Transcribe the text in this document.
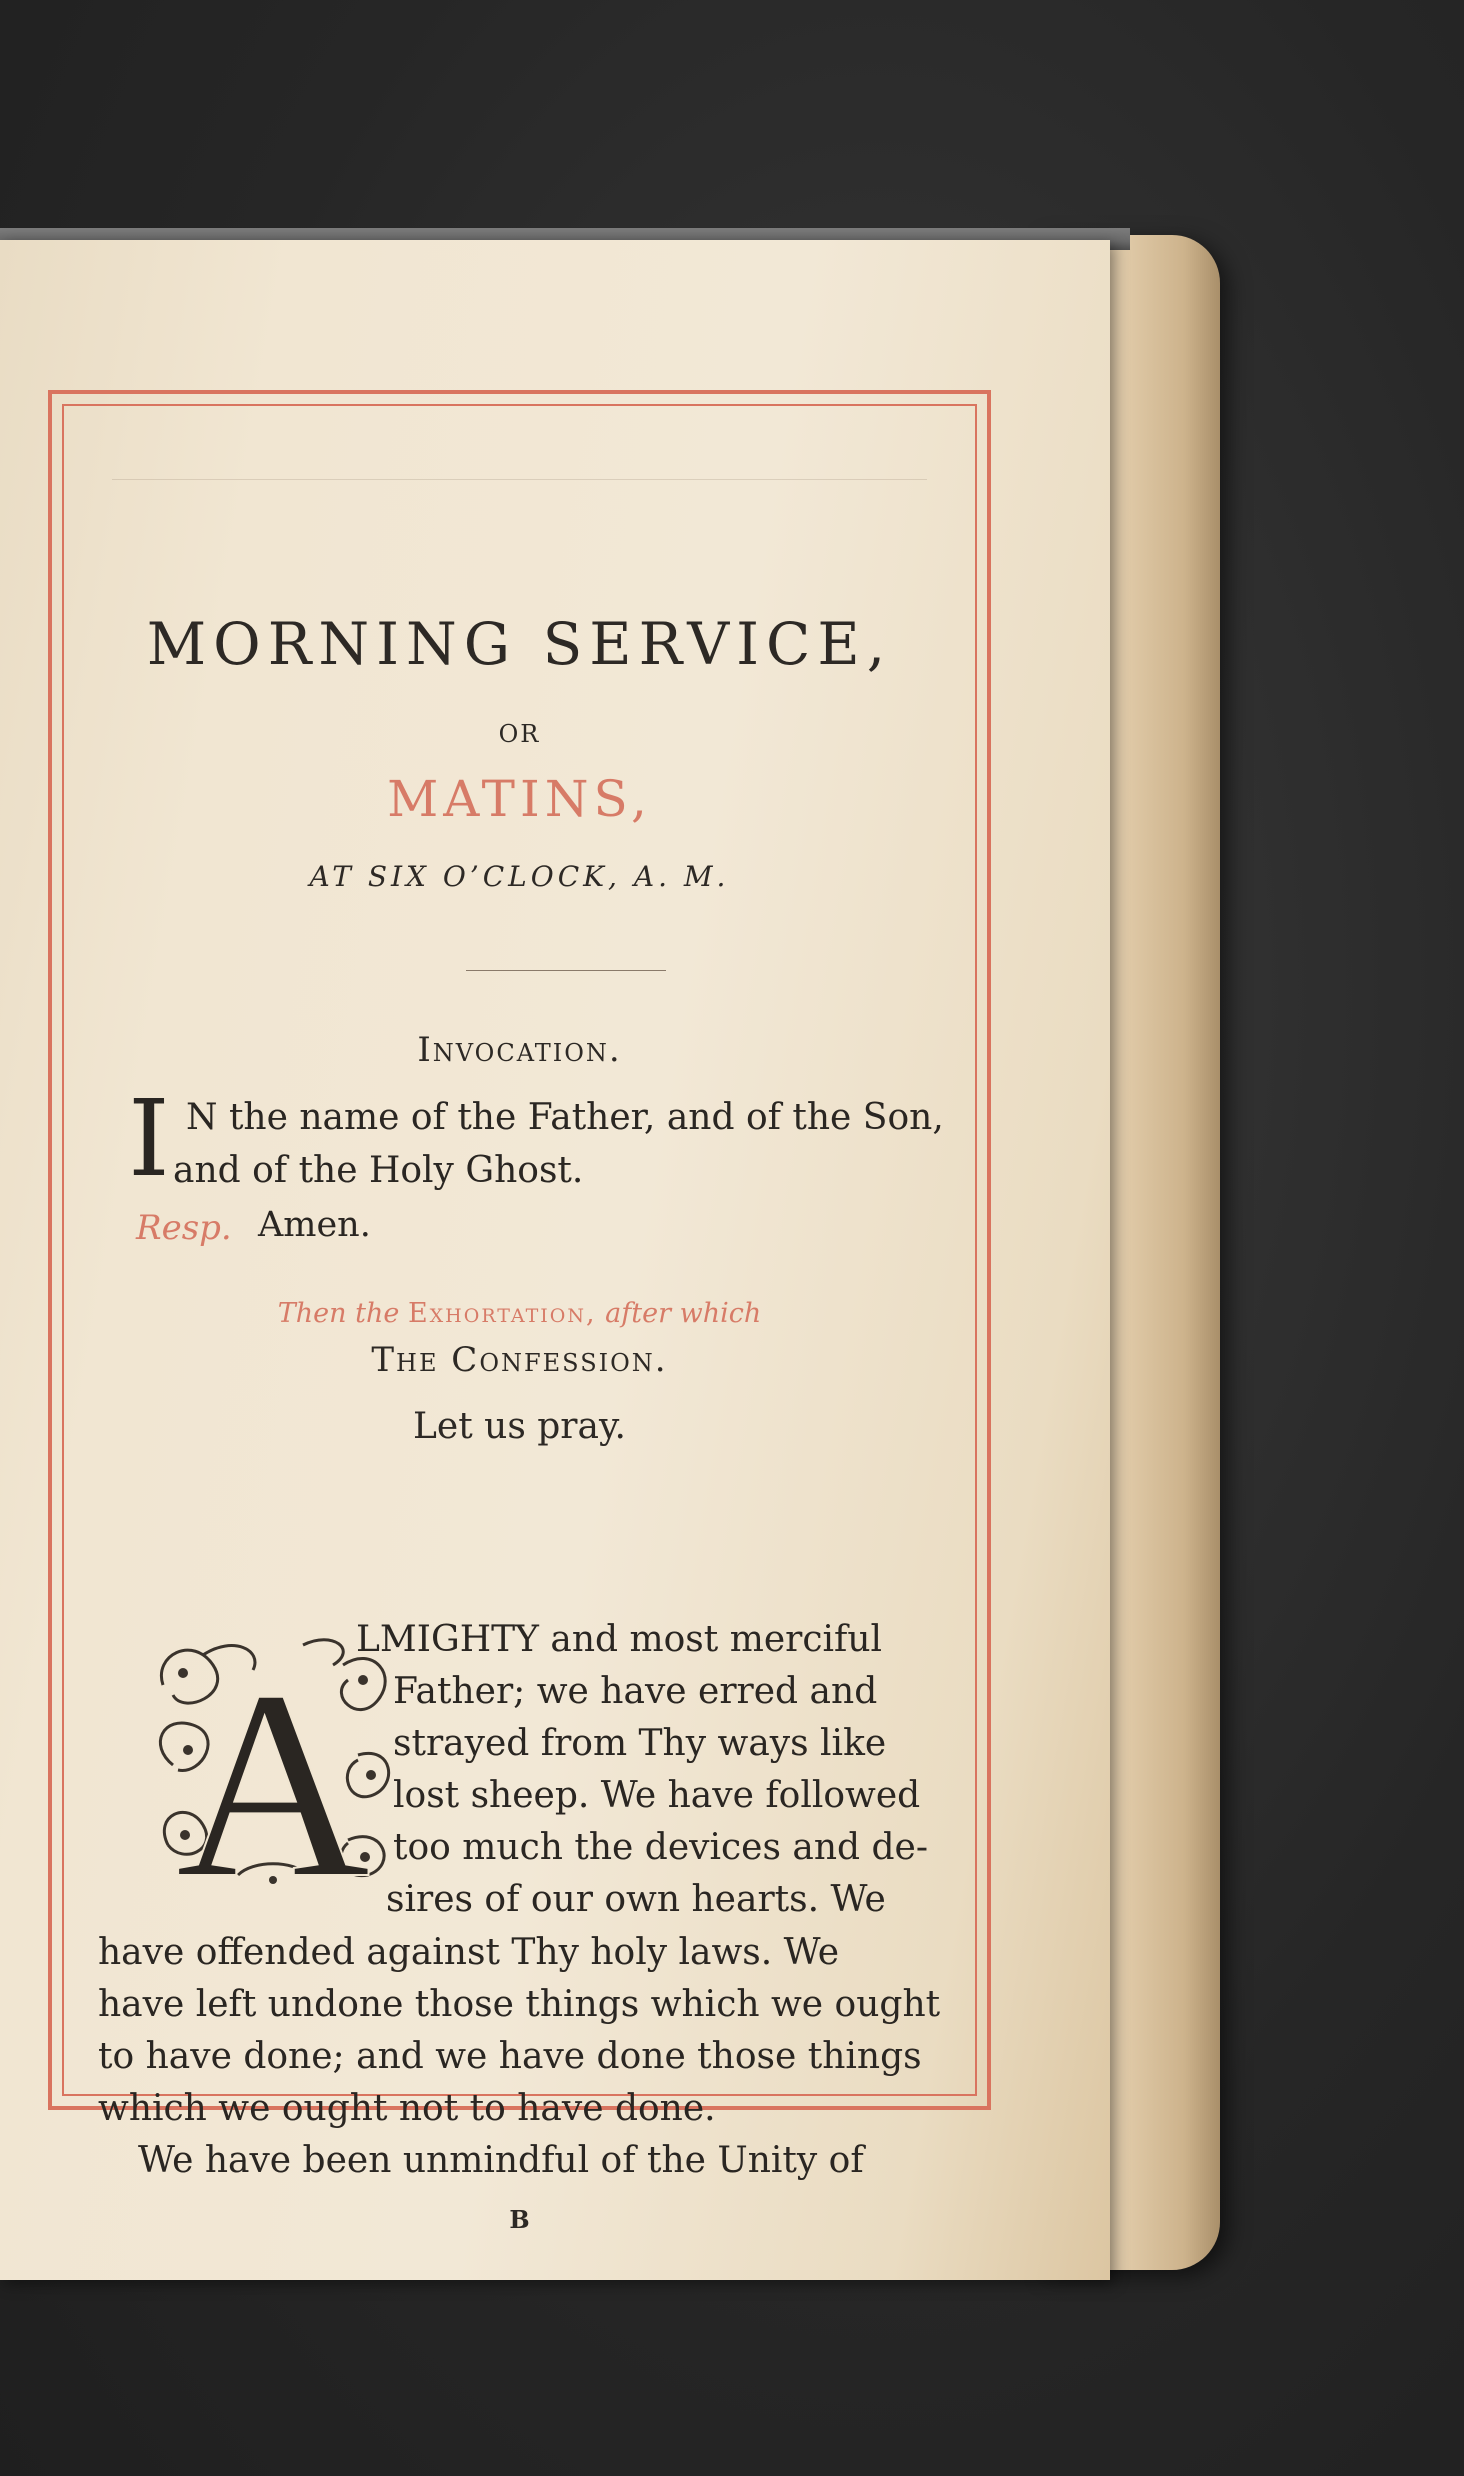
MORNING SERVICE,
OR
MATINS,
AT SIX O’CLOCK, A. M.
Invocation.
I N the name of the Father, and of the Son,
and of the Holy Ghost.
Resp. Amen.
Then the Exhortation, after which
The Confession.
Let us pray.
A
LMIGHTY and most merciful
Father; we have erred and
strayed from Thy ways like
lost sheep. We have followed
too much the devices and de-
sires of our own hearts. We
have offended against Thy holy laws. We
have left undone those things which we ought
to have done; and we have done those things
which we ought not to have done.
We have been unmindful of the Unity of
B
